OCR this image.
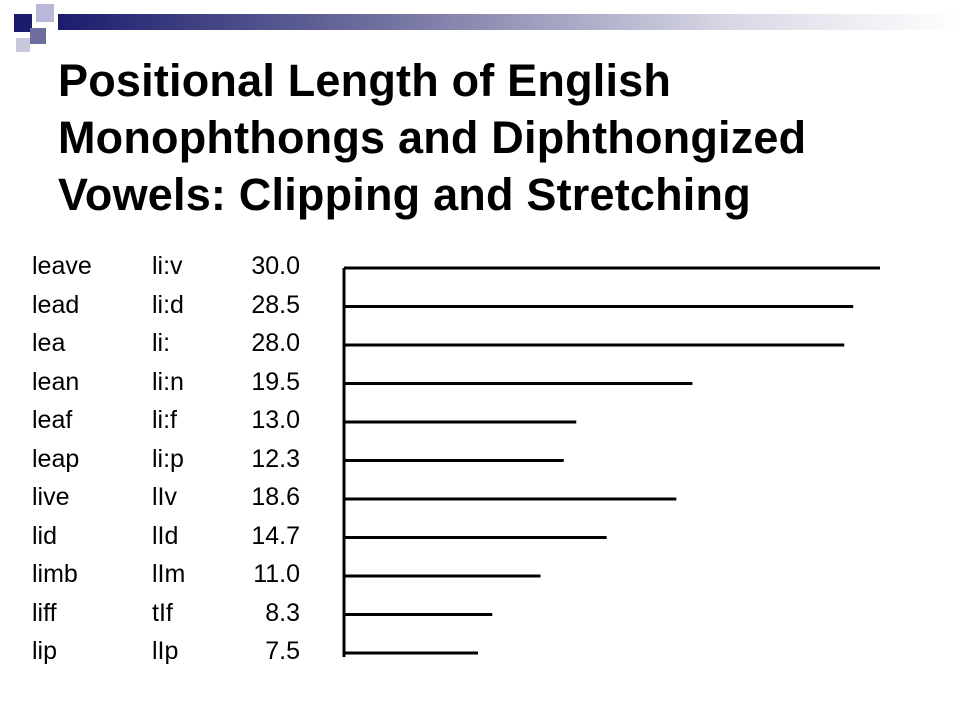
Positional Length of English Monophthongs and Diphthongized Vowels: Clipping and Stretching
leave li:v	30.0
lead	li:d	28.5
lea	li:	28.0
lean	li:n	19.5
leaf	li:f	13.0
leap	li:p	12.3
live	lIv	18.6
lid	lId	14.7
limb	lIm	11.0
liff	tIf	8.3
lip	lIp	7.5
